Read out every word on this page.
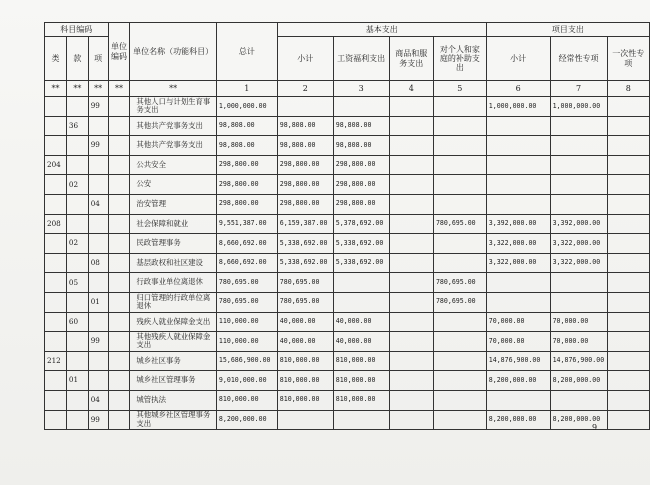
科目编码			单位编码	单位名称（功能科目）	总计	基本支出				项目支出		
类	款	项				小计	工资福利支出	商品和服务支出	对个人和家庭的补助支出	小计	经常性专项	一次性专项

**	**	**	**	**	1	2	3	4	5	6	7	8
		99		其他人口与计划生育事务支出	1,000,000.00					1,000,000.00	1,000,000.00	
	36			其他共产党事务支出	98,808.00	98,808.00	98,808.00					
		99		其他共产党事务支出	98,808.00	98,808.00	98,808.00					
204				公共安全	298,800.00	298,800.00	298,800.00					
	02			公安	298,800.00	298,800.00	298,800.00					
		04		治安管理	298,800.00	298,800.00	298,800.00					
208				社会保障和就业	9,551,387.00	6,159,387.00	5,378,692.00		780,695.00	3,392,000.00	3,392,000.00	
	02			民政管理事务	8,660,692.00	5,338,692.00	5,338,692.00			3,322,000.00	3,322,000.00	
		08		基层政权和社区建设	8,660,692.00	5,338,692.00	5,338,692.00			3,322,000.00	3,322,000.00	
	05			行政事业单位离退休	780,695.00	780,695.00			780,695.00			
		01		归口管理的行政单位离退休	780,695.00	780,695.00			780,695.00			
	60			残疾人就业保障金支出	110,000.00	40,000.00	40,000.00			70,000.00	70,000.00	
		99		其他残疾人就业保障金支出	110,000.00	40,000.00	40,000.00			70,000.00	70,000.00	
212				城乡社区事务	15,686,900.00	810,000.00	810,000.00			14,876,900.00	14,876,900.00	
	01			城乡社区管理事务	9,010,000.00	810,000.00	810,000.00			8,200,000.00	8,200,000.00	
		04		城管执法	810,000.00	810,000.00	810,000.00					
		99		其他城乡社区管理事务支出	8,200,000.00					8,200,000.00	8,200,000.00	
9
